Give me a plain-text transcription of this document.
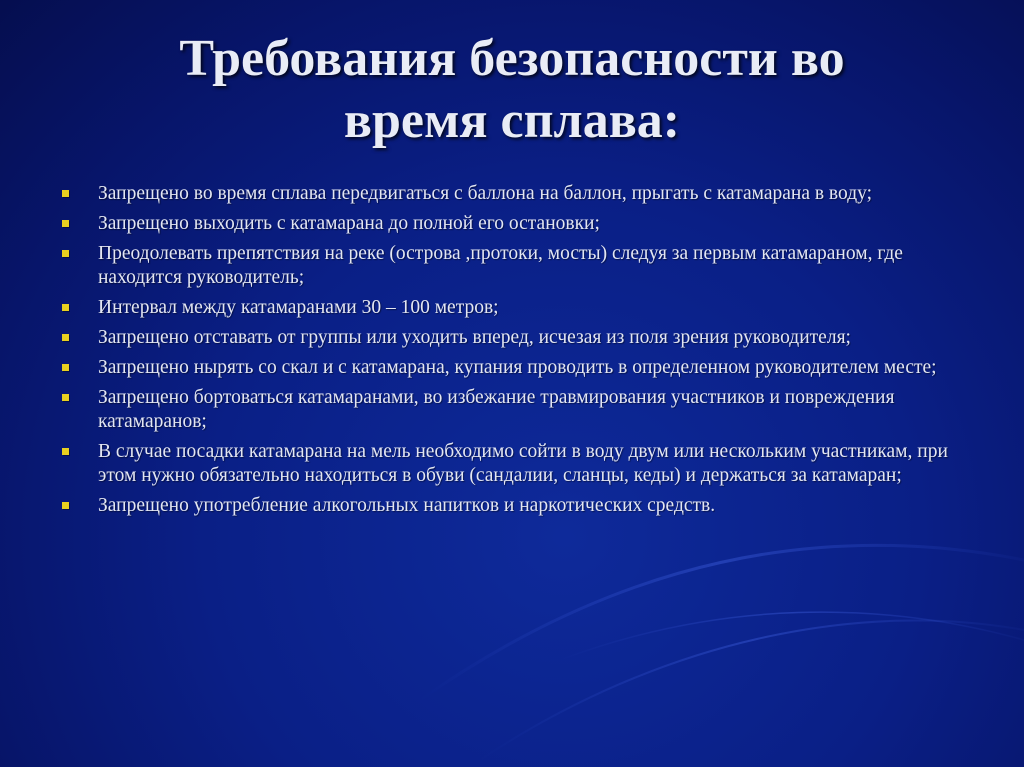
Требования безопасности во
время сплава:
Запрещено во время сплава передвигаться с баллона на баллон, прыгать с катамарана в воду;
Запрещено выходить с катамарана до полной его остановки;
Преодолевать препятствия на реке (острова ,протоки, мосты) следуя за первым катамараном, где находится руководитель;
Интервал между катамаранами 30 – 100 метров;
Запрещено отставать от группы или уходить вперед, исчезая из поля зрения руководителя;
Запрещено нырять со скал и с катамарана, купания проводить в определенном руководителем месте;
Запрещено бортоваться катамаранами, во избежание травмирования участников и повреждения катамаранов;
В случае посадки катамарана на мель необходимо сойти в воду двум или нескольким участникам, при этом нужно обязательно находиться в обуви (сандалии, сланцы, кеды) и держаться за катамаран;
Запрещено употребление алкогольных напитков и наркотических средств.
